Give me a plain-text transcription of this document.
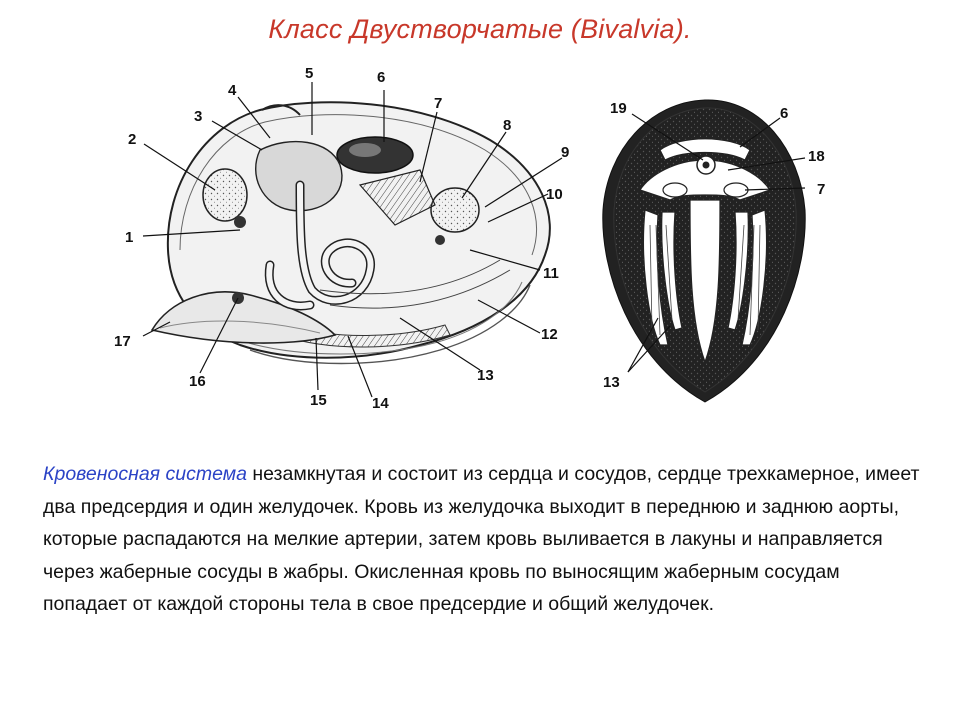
Класс Двустворчатые (Bivalvia).
1
2
3
4
5	6
7
8
9
10
11
12
13
14
15
16
17
19	6
18
7
13
Кровеносная система незамкнутая и состоит из сердца и сосудов, сердце трехкамерное, имеет два предсердия и один желудочек. Кровь из желудочка выходит в переднюю и заднюю аорты, которые распадаются на мелкие артерии, затем кровь выливается в лакуны и направляется через жаберные сосуды в жабры. Окисленная кровь по выносящим жаберным сосудам попадает от каждой стороны тела в свое предсердие и общий желудочек.
